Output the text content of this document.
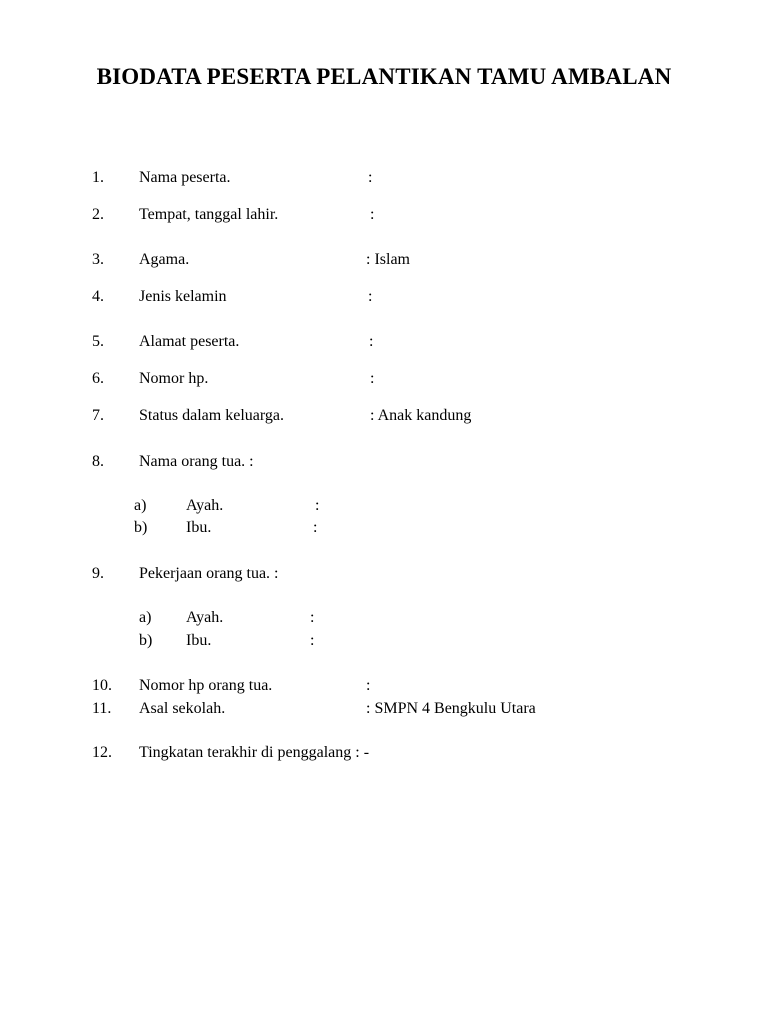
BIODATA PESERTA PELANTIKAN TAMU AMBALAN
1. Nama peserta.	:
2. Tempat, tanggal lahir.	:
3. Agama.	: Islam
4. Jenis kelamin	:
5. Alamat peserta.	:
6. Nomor hp.	:
7. Status dalam keluarga.	: Anak kandung
8. Nama orang tua. :
a) Ayah.	:
b) Ibu.	:
9. Pekerjaan orang tua. :
a) Ayah.	:
b) Ibu.	:
10. Nomor hp orang tua.	:
11. Asal sekolah.	: SMPN 4 Bengkulu Utara
12. Tingkatan terakhir di penggalang : -
